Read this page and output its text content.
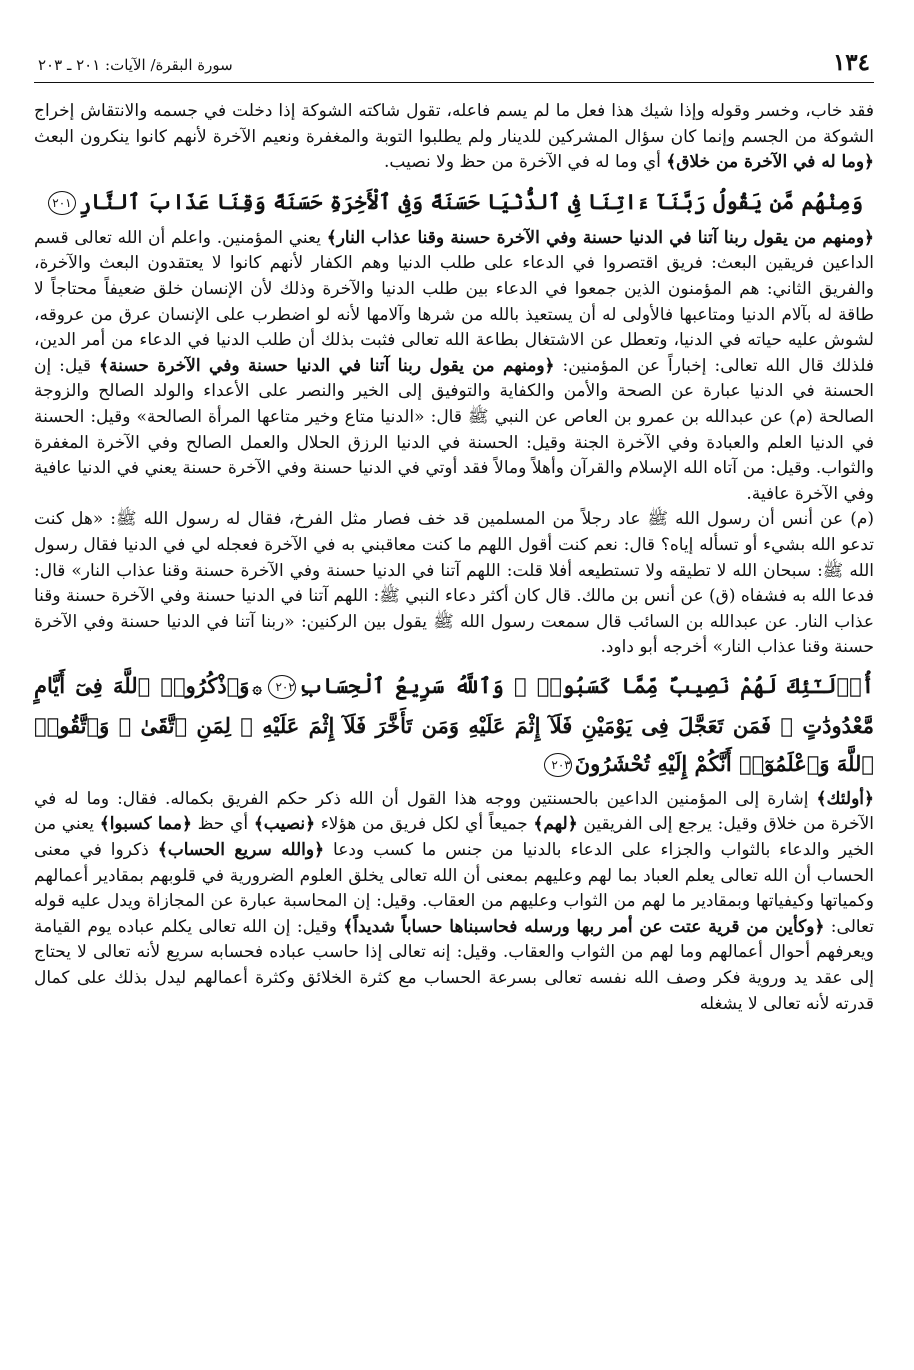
١٣٤
سورة البقرة/ الآيات: ٢٠١ ـ ٢٠٣

فقد خاب، وخسر وقوله وإذا شيك هذا فعل ما لم يسم فاعله، تقول شاكته الشوكة إذا دخلت في جسمه والانتقاش إخراج الشوكة من الجسم وإنما كان سؤال المشركين للدينار ولم يطلبوا التوبة والمغفرة ونعيم الآخرة لأنهم كانوا ينكرون البعث ﴿وما له في الآخرة من خلاق﴾ أي وما له في الآخرة من حظ ولا نصيب.

وَمِنْهُم مَّن يَقُولُ رَبَّنَآ ءَاتِنَا فِى ٱلدُّنْيَا حَسَنَةً وَفِى ٱلْأَخِرَةِ حَسَنَةً وَقِنَا عَذَابَ ٱلنَّارِ٢٠١

﴿ومنهم من يقول ربنا آتنا في الدنيا حسنة وفي الآخرة حسنة وقنا عذاب النار﴾ يعني المؤمنين. واعلم أن الله تعالى قسم الداعين فريقين البعث: فريق اقتصروا في الدعاء على طلب الدنيا وهم الكفار لأنهم كانوا لا يعتقدون البعث والآخرة، والفريق الثاني: هم المؤمنون الذين جمعوا في الدعاء بين طلب الدنيا والآخرة وذلك لأن الإنسان خلق ضعيفاً محتاجاً لا طاقة له بآلام الدنيا ومتاعبها فالأولى له أن يستعيذ بالله من شرها وآلامها لأنه لو اضطرب على الإنسان عرق من عروقه، لشوش عليه حياته في الدنيا، وتعطل عن الاشتغال بطاعة الله تعالى فثبت بذلك أن طلب الدنيا في الدعاء من أمر الدين، فلذلك قال الله تعالى: إخباراً عن المؤمنين: ﴿ومنهم من يقول ربنا آتنا في الدنيا حسنة وفي الآخرة حسنة﴾ قيل: إن الحسنة في الدنيا عبارة عن الصحة والأمن والكفاية والتوفيق إلى الخير والنصر على الأعداء والولد الصالح والزوجة الصالحة (م) عن عبدالله بن عمرو بن العاص عن النبي ﷺ قال: «الدنيا متاع وخير متاعها المرأة الصالحة» وقيل: الحسنة في الدنيا العلم والعبادة وفي الآخرة الجنة وقيل: الحسنة في الدنيا الرزق الحلال والعمل الصالح وفي الآخرة المغفرة والثواب. وقيل: من آتاه الله الإسلام والقرآن وأهلاً ومالاً فقد أوتي في الدنيا حسنة وفي الآخرة حسنة يعني في الدنيا عافية وفي الآخرة عافية.

(م) عن أنس أن رسول الله ﷺ عاد رجلاً من المسلمين قد خف فصار مثل الفرخ، فقال له رسول الله ﷺ: «هل كنت تدعو الله بشيء أو تسأله إياه؟ قال: نعم كنت أقول اللهم ما كنت معاقبني به في الآخرة فعجله لي في الدنيا فقال رسول الله ﷺ: سبحان الله لا تطيقه ولا تستطيعه أفلا قلت: اللهم آتنا في الدنيا حسنة وفي الآخرة حسنة وقنا عذاب النار» قال: فدعا الله به فشفاه (ق) عن أنس بن مالك. قال كان أكثر دعاء النبي ﷺ: اللهم آتنا في الدنيا حسنة وفي الآخرة حسنة وقنا عذاب النار. عن عبدالله بن السائب قال سمعت رسول الله ﷺ يقول بين الركنين: «ربنا آتنا في الدنيا حسنة وفي الآخرة حسنة وقنا عذاب النار» أخرجه أبو داود.

أُو۟لَـٰٓئِكَ لَهُمْ نَصِيبٌ مِّمَّا كَسَبُوا۟ ۚ وَٱللَّهُ سَرِيعُ ٱلْحِسَابِ٢٠٢۞وَٱذْكُرُوا۟ ٱللَّهَ فِىٓ أَيَّامٍ مَّعْدُودَٰتٍ ۚ فَمَن تَعَجَّلَ فِى يَوْمَيْنِ فَلَآ إِثْمَ عَلَيْهِ وَمَن تَأَخَّرَ فَلَآ إِثْمَ عَلَيْهِ ۚ لِمَنِ ٱتَّقَىٰ ۗ وَٱتَّقُوا۟ ٱللَّهَ وَٱعْلَمُوٓا۟ أَنَّكُمْ إِلَيْهِ تُحْشَرُونَ٢٠٣

﴿أولئك﴾ إشارة إلى المؤمنين الداعين بالحسنتين ووجه هذا القول أن الله ذكر حكم الفريق بكماله. فقال: وما له في الآخرة من خلاق وقيل: يرجع إلى الفريقين ﴿لهم﴾ جميعاً أي لكل فريق من هؤلاء ﴿نصيب﴾ أي حظ ﴿مما كسبوا﴾ يعني من الخير والدعاء بالثواب والجزاء على الدعاء بالدنيا من جنس ما كسب ودعا ﴿والله سريع الحساب﴾ ذكروا في معنى الحساب أن الله تعالى يعلم العباد بما لهم وعليهم بمعنى أن الله تعالى يخلق العلوم الضرورية في قلوبهم بمقادير أعمالهم وكمياتها وكيفياتها وبمقادير ما لهم من الثواب وعليهم من العقاب. وقيل: إن المحاسبة عبارة عن المجازاة ويدل عليه قوله تعالى: ﴿وكأين من قرية عتت عن أمر ربها ورسله فحاسبناها حساباً شديداً﴾ وقيل: إن الله تعالى يكلم عباده يوم القيامة ويعرفهم أحوال أعمالهم وما لهم من الثواب والعقاب. وقيل: إنه تعالى إذا حاسب عباده فحسابه سريع لأنه تعالى لا يحتاج إلى عقد يد وروية فكر وصف الله نفسه تعالى بسرعة الحساب مع كثرة الخلائق وكثرة أعمالهم ليدل بذلك على كمال قدرته لأنه تعالى لا يشغله
